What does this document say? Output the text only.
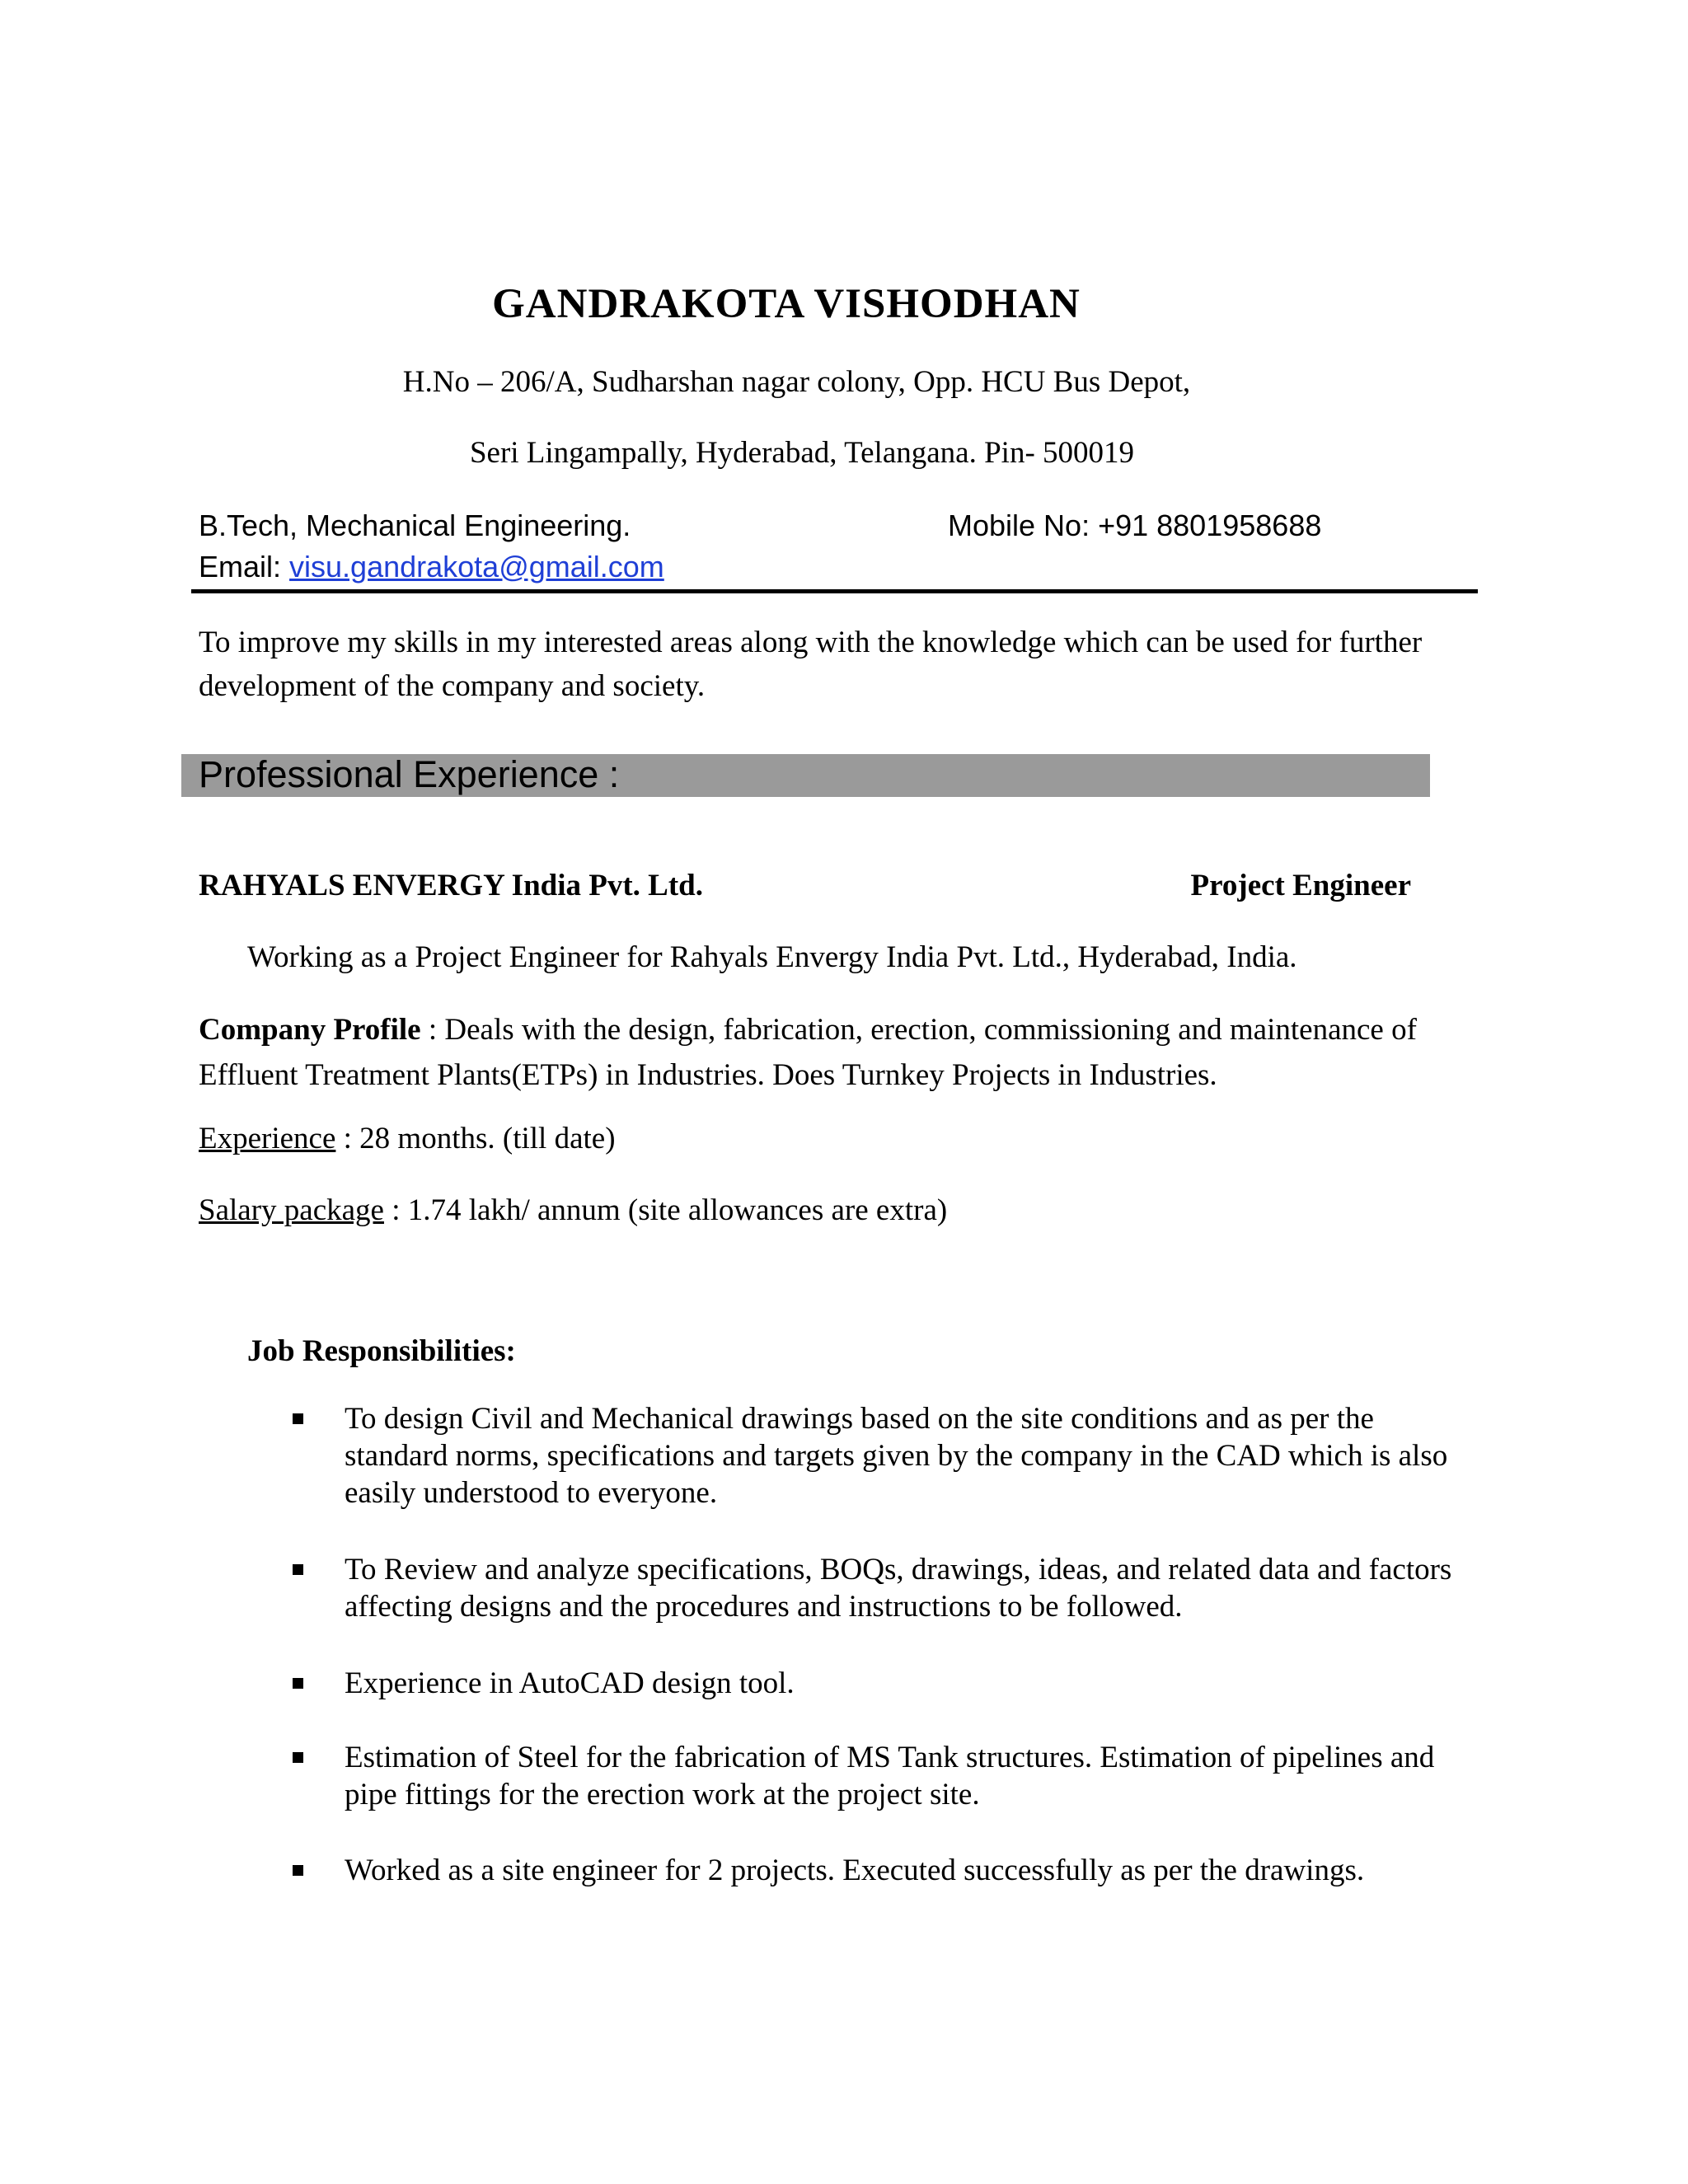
GANDRAKOTA VISHODHAN
H.No – 206/A, Sudharshan nagar colony, Opp. HCU Bus Depot,
Seri Lingampally, Hyderabad, Telangana. Pin- 500019
B.Tech, Mechanical Engineering.	Mobile No: +91 8801958688
Email: visu.gandrakota@gmail.com
To improve my skills in my interested areas along with the knowledge which can be used for further development of the company and society.
Professional Experience :
RAHYALS ENVERGY India Pvt. Ltd.	Project Engineer
Working as a Project Engineer for Rahyals Envergy India Pvt. Ltd., Hyderabad, India.
Company Profile : Deals with the design, fabrication, erection, commissioning and maintenance of Effluent Treatment Plants(ETPs) in Industries. Does Turnkey Projects in Industries.
Experience : 28 months. (till date)
Salary package : 1.74 lakh/ annum (site allowances are extra)
Job Responsibilities:
To design Civil and Mechanical drawings based on the site conditions and as per the standard norms, specifications and targets given by the company in the CAD which is also easily understood to everyone.
To Review and analyze specifications, BOQs, drawings, ideas, and related data and factors affecting designs and the procedures and instructions to be followed.
Experience in AutoCAD design tool.
Estimation of Steel for the fabrication of MS Tank structures. Estimation of pipelines and pipe fittings for the erection work at the project site.
Worked as a site engineer for 2 projects. Executed successfully as per the drawings.
